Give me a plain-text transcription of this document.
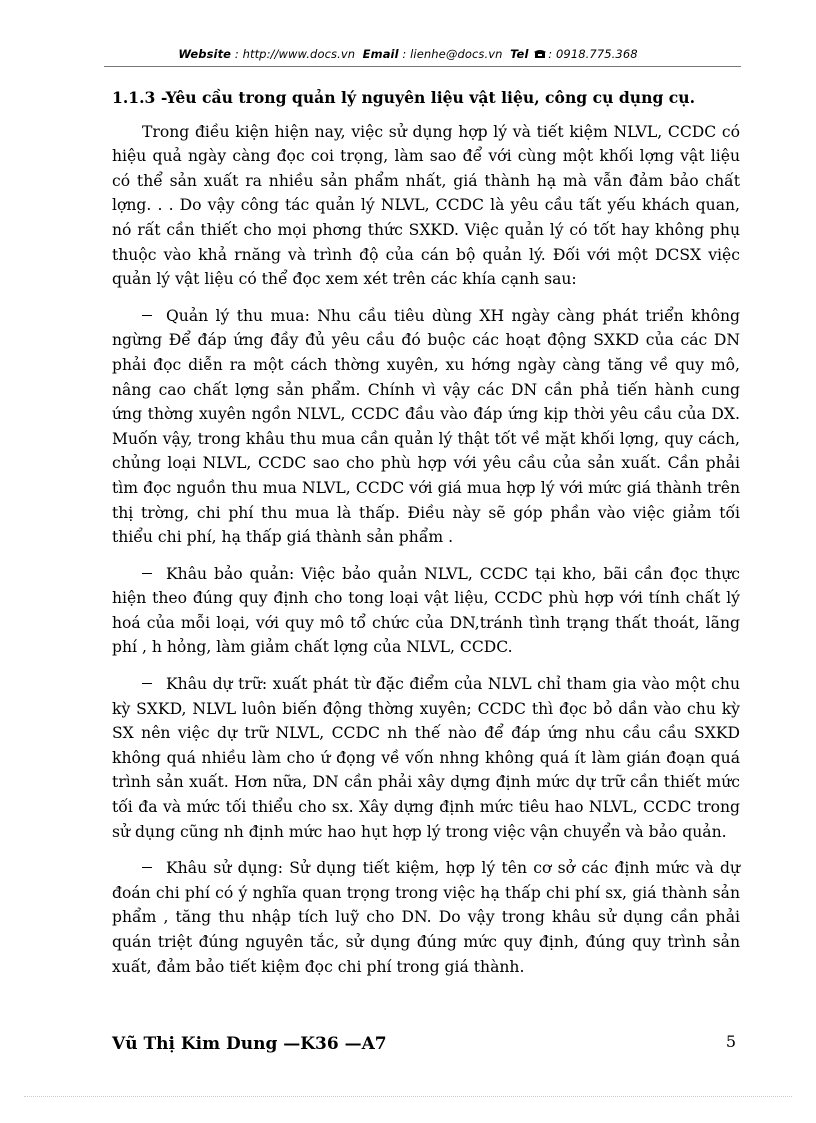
Website : http://www.docs.vn Email : lienhe@docs.vn Tel : 0918.775.368
1.1.3 -Yêu cầu trong quản lý nguyên liệu vật liệu, công cụ dụng cụ.

Trong điều kiện hiện nay, việc sử dụng hợp lý và tiết kiệm NLVL, CCDC có hiệu quả ngày càng đọc coi trọng, làm sao để với cùng một khối lợng vật liệu có thể sản xuất ra nhiều sản phẩm nhất, giá thành hạ mà vẫn đảm bảo chất lợng. . . Do vậy công tác quản lý NLVL, CCDC là yêu cầu tất yếu khách quan, nó rất cần thiết cho mọi phơng thức SXKD. Việc quản lý có tốt hay không phụ thuộc vào khả rnăng và trình độ của cán bộ quản lý. Đối với một DCSX việc quản lý vật liệu có thể đọc xem xét trên các khía cạnh sau:

Quản lý thu mua: Nhu cầu tiêu dùng XH ngày càng phát triển không ngừng Để đáp ứng đầy đủ yêu cầu đó buộc các hoạt động SXKD của các DN phải đọc diễn ra một cách thờng xuyên, xu hớng ngày càng tăng về quy mô, nâng cao chất lợng sản phẩm. Chính vì vậy các DN cần phả tiến hành cung ứng thờng xuyên ngồn NLVL, CCDC đầu vào đáp ứng kịp thời yêu cầu của DX. Muốn vậy, trong khâu thu mua cần quản lý thật tốt về mặt khối lợng, quy cách, chủng loại NLVL, CCDC sao cho phù hợp với yêu cầu của sản xuất. Cần phải tìm đọc nguồn thu mua NLVL, CCDC với giá mua hợp lý với mức giá thành trên thị trờng, chi phí thu mua là thấp. Điều này sẽ góp phần vào việc giảm tối thiểu chi phí, hạ thấp giá thành sản phẩm .

Khâu bảo quản: Việc bảo quản NLVL, CCDC tại kho, bãi cần đọc thực hiện theo đúng quy định cho tong loại vật liệu, CCDC phù hợp với tính chất lý hoá của mỗi loại, với quy mô tổ chức của DN,tránh tình trạng thất thoát, lãng phí , h hỏng, làm giảm chất lợng của NLVL, CCDC.

Khâu dự trữ: xuất phát từ đặc điểm của NLVL chỉ tham gia vào một chu kỳ SXKD, NLVL luôn biến động thờng xuyên; CCDC thì đọc bỏ dần vào chu kỳ SX nên việc dự trữ NLVL, CCDC nh thế nào để đáp ứng nhu cầu cầu SXKD không quá nhiều làm cho ứ đọng về vốn nhng không quá ít làm gián đoạn quá trình sản xuất. Hơn nữa, DN cần phải xây dựng định mức dự trữ cần thiết mức tối đa và mức tối thiểu cho sx. Xây dựng định mức tiêu hao NLVL, CCDC trong sử dụng cũng nh định mức hao hụt hợp lý trong việc vận chuyển và bảo quản.

Khâu sử dụng: Sử dụng tiết kiệm, hợp lý tên cơ sở các định mức và dự đoán chi phí có ý nghĩa quan trọng trong việc hạ thấp chi phí sx, giá thành sản phẩm , tăng thu nhập tích luỹ cho DN. Do vậy trong khâu sử dụng cần phải quán triệt đúng nguyên tắc, sử dụng đúng mức quy định, đúng quy trình sản xuất, đảm bảo tiết kiệm đọc chi phí trong giá thành.

Vũ Thị Kim Dung —K36 —A7	5
